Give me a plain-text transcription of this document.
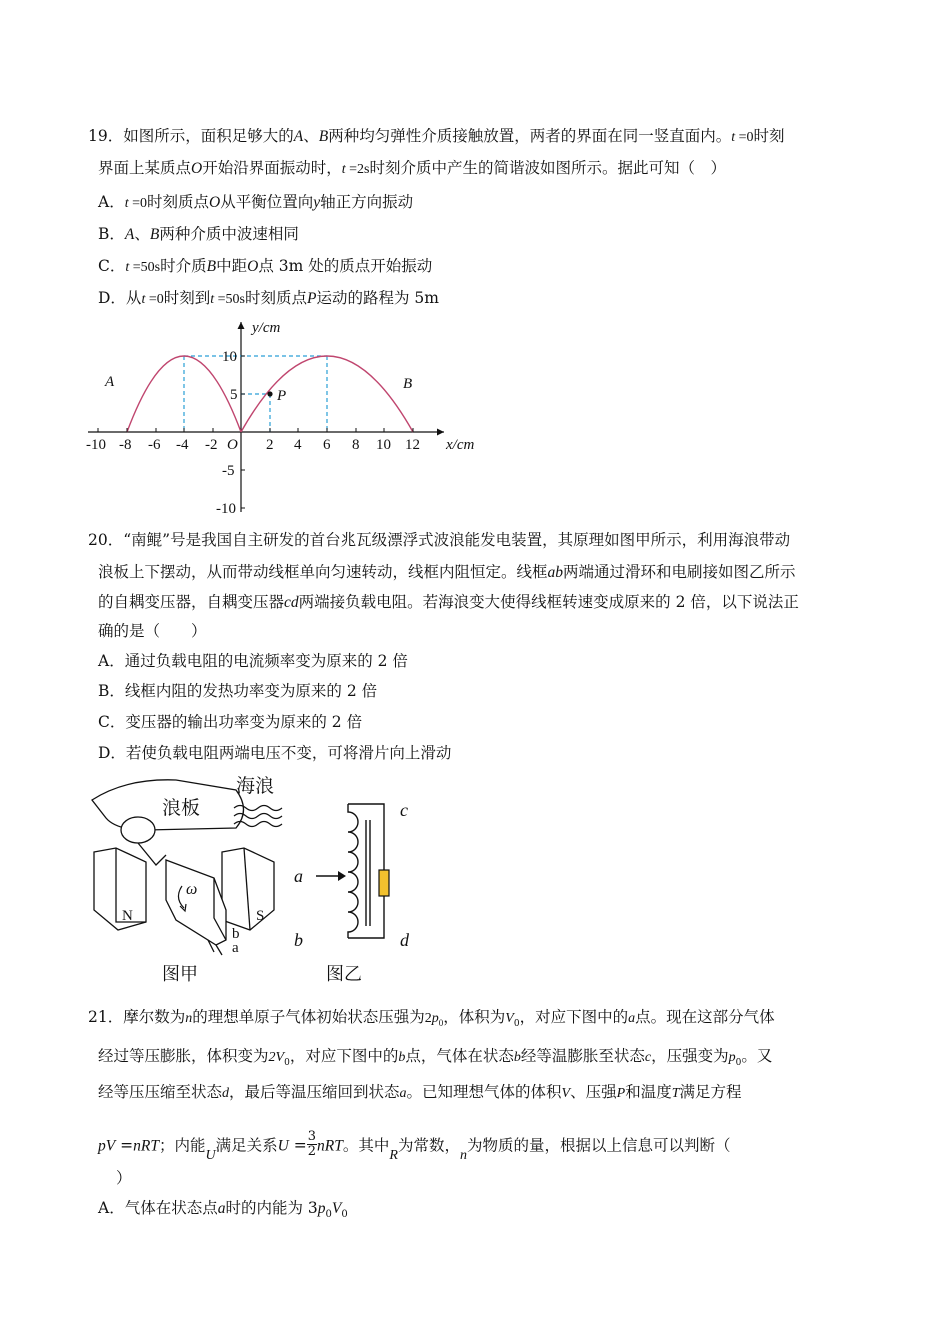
19．如图所示，面积足够大的A、B两种均匀弹性介质接触放置，两者的界面在同一竖直面内。t =0时刻
界面上某质点O开始沿界面振动时，t =2s时刻介质中产生的简谐波如图所示。据此可知（　）
A．t =0时刻质点O从平衡位置向y轴正方向振动
B．A、B两种介质中波速相同
C．t =50s时介质B中距O点 3m 处的质点开始振动
D．从t =0时刻到t =50s时刻质点P运动的路程为 5m
-10 -8 -6 -4 -2 O 2 4 6 8 10 12 x/cm
10
5
-5
-10
y/cm
A	B
P
20．“南鲲”号是我国自主研发的首台兆瓦级漂浮式波浪能发电装置，其原理如图甲所示，利用海浪带动
浪板上下摆动，从而带动线框单向匀速转动，线框内阻恒定。线框ab两端通过滑环和电刷接如图乙所示
的自耦变压器，自耦变压器cd两端接负载电阻。若海浪变大使得线框转速变成原来的 2 倍，以下说法正
确的是（　　）
A．通过负载电阻的电流频率变为原来的 2 倍
B．线框内阻的发热功率变为原来的 2 倍
C．变压器的输出功率变为原来的 2 倍
D．若使负载电阻两端电压不变，可将滑片向上滑动
海浪
浪板
N	S
ω
b
a
图甲
c
a
b	d
图乙
21．摩尔数为n的理想单原子气体初始状态压强为$2p_0$，体积为$V_0$，对应下图中的a点。现在这部分气体
经过等压膨胀，体积变为$2V_0$，对应下图中的b点，气体在状态b经等温膨胀至状态c，压强变为$p_0$。又
经等压压缩至状态d，最后等温压缩回到状态a。已知理想气体的体积V、压强P和温度T满足方程
pV =nRT；内能U满足关系$U = \frac{3}{2}$ nRT。其中R为常数，n为物质的量，根据以上信息可以判断（
）
A．气体在状态点a时的内能为 $3p_0V_0$
